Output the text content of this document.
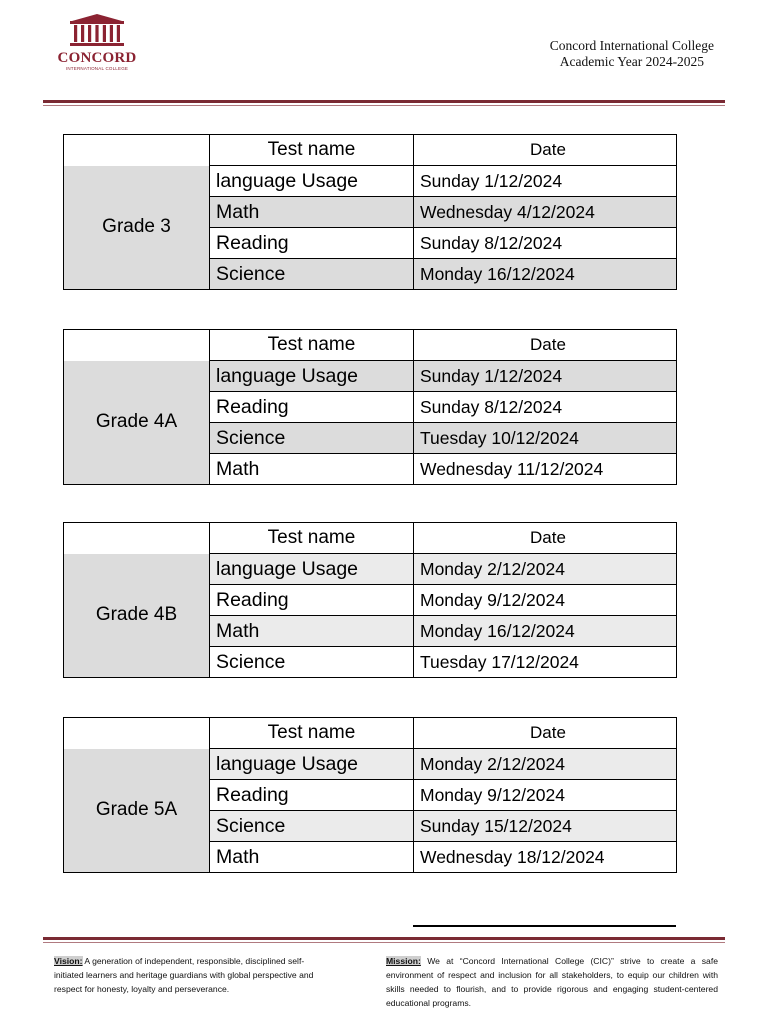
CONCORD
INTERNATIONAL COLLEGE
Concord International College
Academic Year 2024-2025
	Test name	Date
Grade 3	language Usage	Sunday 1/12/2024
	Math	Wednesday 4/12/2024
	Reading	Sunday 8/12/2024
	Science	Monday 16/12/2024
	Test name	Date
Grade 4A	language Usage	Sunday 1/12/2024
	Reading	Sunday 8/12/2024
	Science	Tuesday 10/12/2024
	Math	Wednesday 11/12/2024
	Test name	Date
Grade 4B	language Usage	Monday 2/12/2024
	Reading	Monday 9/12/2024
	Math	Monday 16/12/2024
	Science	Tuesday 17/12/2024
	Test name	Date
Grade 5A	language Usage	Monday 2/12/2024
	Reading	Monday 9/12/2024
	Science	Sunday 15/12/2024
	Math	Wednesday 18/12/2024
Vision: A generation of independent, responsible, disciplined self-initiated learners and heritage guardians with global perspective and respect for honesty, loyalty and perseverance.
Mission: We at “Concord International College (CIC)” strive to create a safe environment of respect and inclusion for all stakeholders, to equip our children with skills needed to flourish, and to provide rigorous and engaging student-centered educational programs.
